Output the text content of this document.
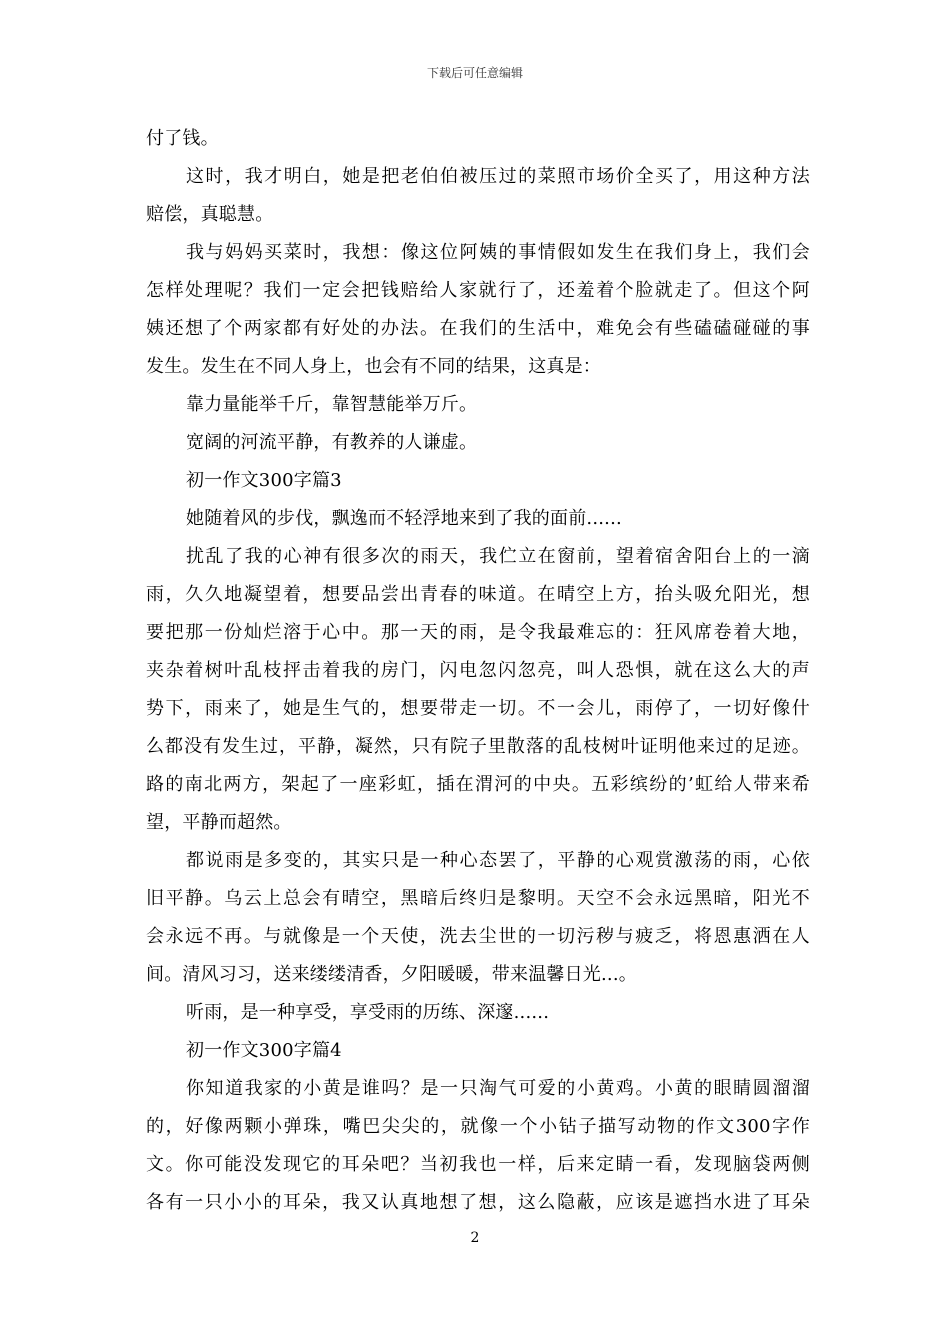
下载后可任意编辑
付了钱。
这时，我才明白，她是把老伯伯被压过的菜照市场价全买了，用这种方法
赔偿，真聪慧。
我与妈妈买菜时，我想：像这位阿姨的事情假如发生在我们身上，我们会
怎样处理呢？我们一定会把钱赔给人家就行了，还羞着个脸就走了。但这个阿
姨还想了个两家都有好处的办法。在我们的生活中，难免会有些磕磕碰碰的事
发生。发生在不同人身上，也会有不同的结果，这真是：
靠力量能举千斤，靠智慧能举万斤。
宽阔的河流平静，有教养的人谦虚。
初一作文300字篇3
她随着风的步伐，飘逸而不轻浮地来到了我的面前......
扰乱了我的心神有很多次的雨天，我伫立在窗前，望着宿舍阳台上的一滴
雨，久久地凝望着，想要品尝出青春的味道。在晴空上方，抬头吸允阳光，想
要把那一份灿烂溶于心中。那一天的雨，是令我最难忘的：狂风席卷着大地，
夹杂着树叶乱枝抨击着我的房门，闪电忽闪忽亮，叫人恐惧，就在这么大的声
势下，雨来了，她是生气的，想要带走一切。不一会儿，雨停了，一切好像什
么都没有发生过，平静，凝然，只有院子里散落的乱枝树叶证明他来过的足迹。
路的南北两方，架起了一座彩虹，插在渭河的中央。五彩缤纷的’虹给人带来希
望，平静而超然。
都说雨是多变的，其实只是一种心态罢了，平静的心观赏激荡的雨，心依
旧平静。乌云上总会有晴空，黑暗后终归是黎明。天空不会永远黑暗，阳光不
会永远不再。与就像是一个天使，洗去尘世的一切污秽与疲乏，将恩惠洒在人
间。清风习习，送来缕缕清香，夕阳暖暖，带来温馨日光...。
听雨，是一种享受，享受雨的历练、深邃......
初一作文300字篇4
你知道我家的小黄是谁吗？是一只淘气可爱的小黄鸡。小黄的眼睛圆溜溜
的，好像两颗小弹珠，嘴巴尖尖的，就像一个小钻子描写动物的作文300字作
文。你可能没发现它的耳朵吧？当初我也一样，后来定睛一看，发现脑袋两侧
各有一只小小的耳朵，我又认真地想了想，这么隐蔽，应该是遮挡水进了耳朵
2
